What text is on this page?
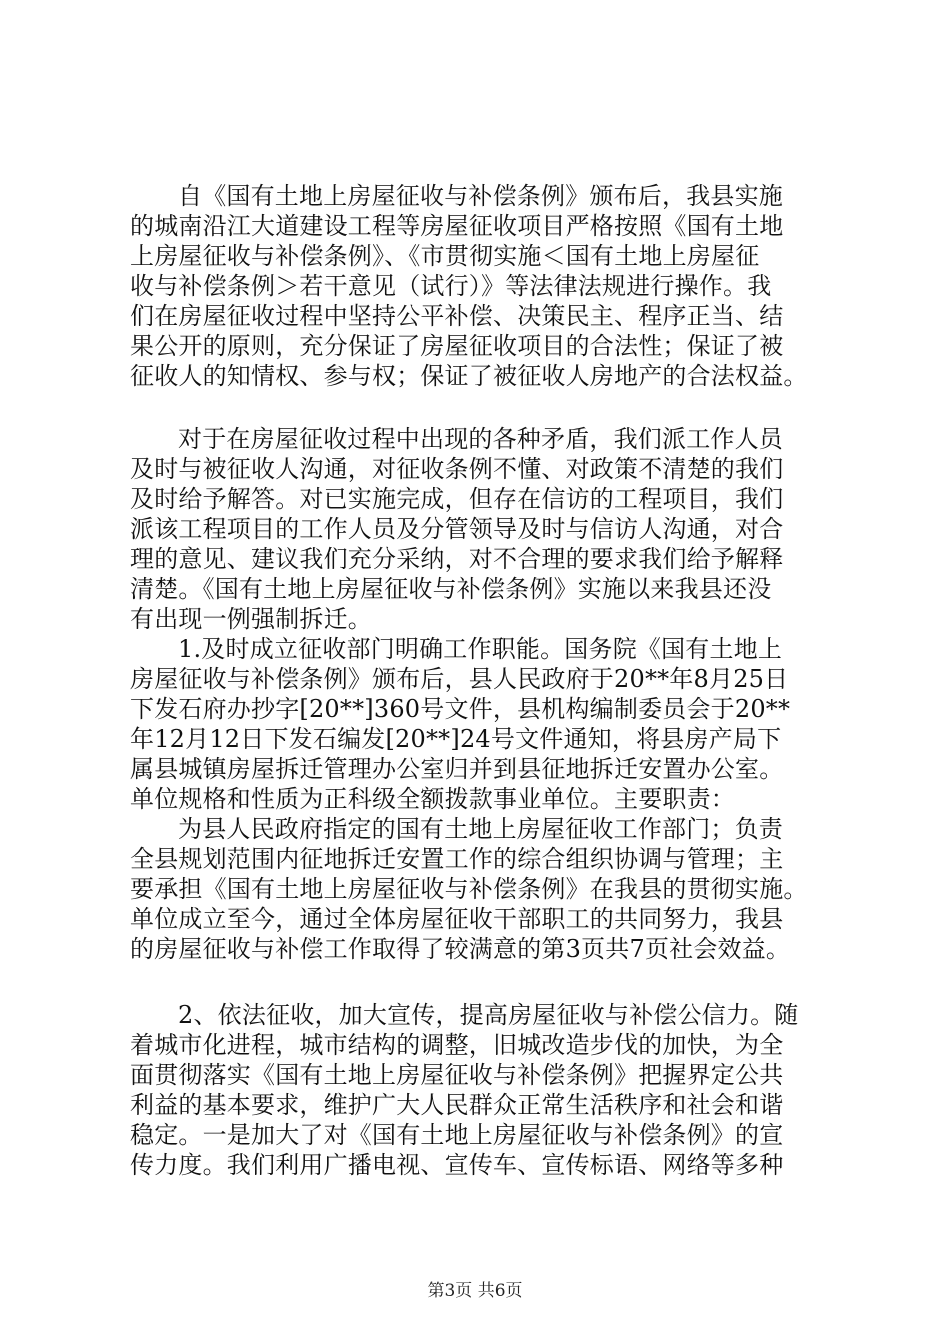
自《国有土地上房屋征收与补偿条例》颁布后，我县实施
的城南沿江大道建设工程等房屋征收项目严格按照《国有土地
上房屋征收与补偿条例》、《市贯彻实施＜国有土地上房屋征
收与补偿条例＞若干意见（试行）》等法律法规进行操作。我
们在房屋征收过程中坚持公平补偿、决策民主、程序正当、结
果公开的原则，充分保证了房屋征收项目的合法性；保证了被
征收人的知情权、参与权；保证了被征收人房地产的合法权益。
对于在房屋征收过程中出现的各种矛盾，我们派工作人员
及时与被征收人沟通，对征收条例不懂、对政策不清楚的我们
及时给予解答。对已实施完成，但存在信访的工程项目，我们
派该工程项目的工作人员及分管领导及时与信访人沟通，对合
理的意见、建议我们充分采纳，对不合理的要求我们给予解释
清楚。《国有土地上房屋征收与补偿条例》实施以来我县还没
有出现一例强制拆迁。
1.及时成立征收部门明确工作职能。国务院《国有土地上
房屋征收与补偿条例》颁布后，县人民政府于20**年8月25日
下发石府办抄字[20**]360号文件，县机构编制委员会于20**
年12月12日下发石编发[20**]24号文件通知，将县房产局下
属县城镇房屋拆迁管理办公室归并到县征地拆迁安置办公室。
单位规格和性质为正科级全额拨款事业单位。主要职责：
为县人民政府指定的国有土地上房屋征收工作部门；负责
全县规划范围内征地拆迁安置工作的综合组织协调与管理；主
要承担《国有土地上房屋征收与补偿条例》在我县的贯彻实施。
单位成立至今，通过全体房屋征收干部职工的共同努力，我县
的房屋征收与补偿工作取得了较满意的第3页共7页社会效益。
2、依法征收，加大宣传，提高房屋征收与补偿公信力。随
着城市化进程，城市结构的调整，旧城改造步伐的加快，为全
面贯彻落实《国有土地上房屋征收与补偿条例》把握界定公共
利益的基本要求，维护广大人民群众正常生活秩序和社会和谐
稳定。一是加大了对《国有土地上房屋征收与补偿条例》的宣
传力度。我们利用广播电视、宣传车、宣传标语、网络等多种
第3页 共6页
